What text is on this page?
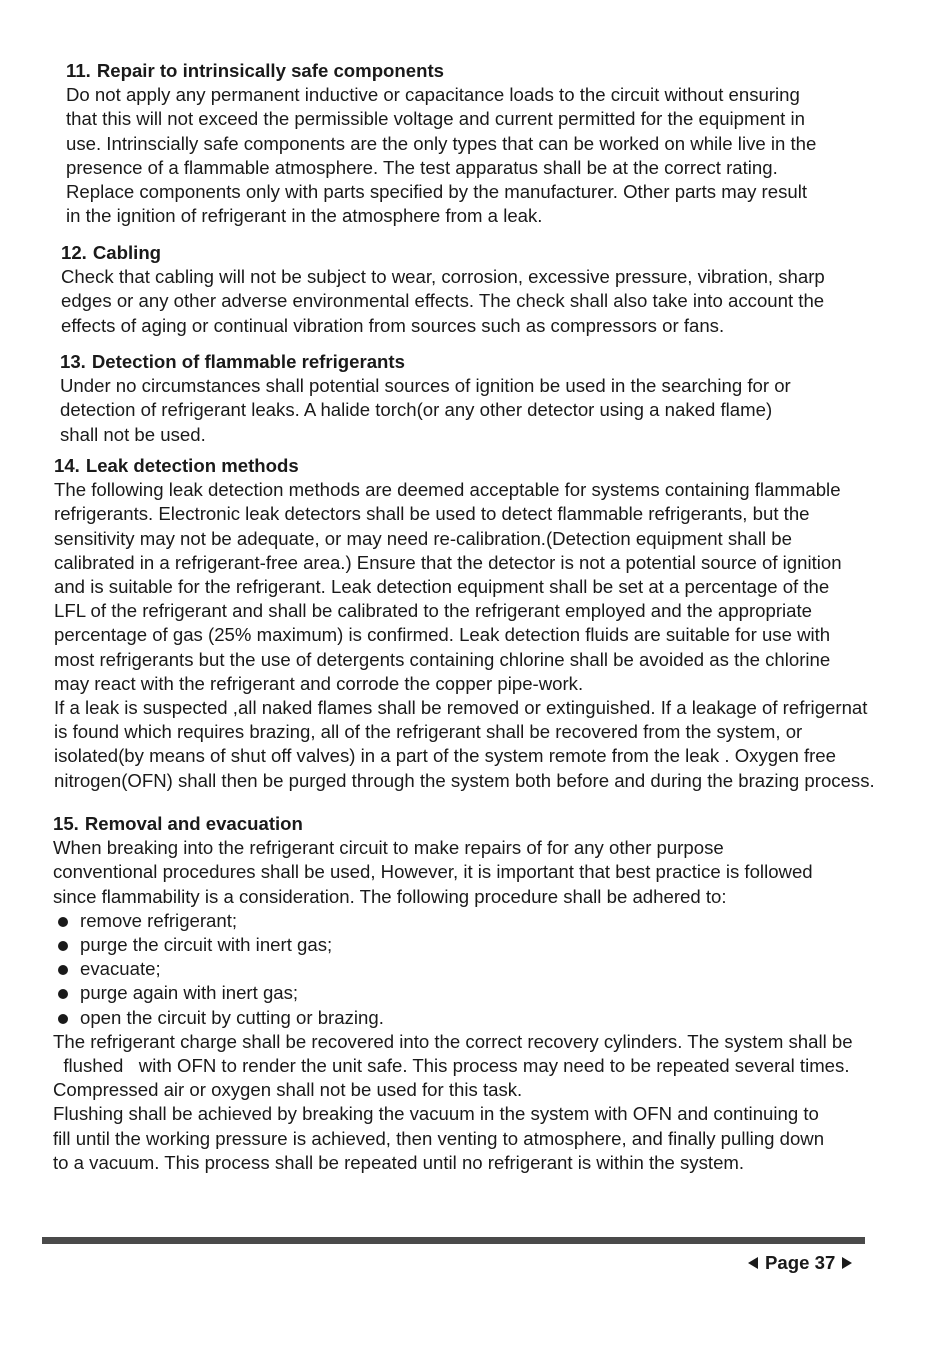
11. Repair to intrinsically safe components
Do not apply any permanent inductive or capacitance loads to the circuit without ensuring
that this will not exceed the permissible voltage and current permitted for the equipment in
use. Intrinscially safe components are the only types that can be worked on while live in the
presence of a flammable atmosphere. The test apparatus shall be at the correct rating.
Replace components only with parts specified by the manufacturer. Other parts may result
in the ignition of refrigerant in the atmosphere from a leak.
12. Cabling
Check that cabling will not be subject to wear, corrosion, excessive pressure, vibration, sharp
edges or any other adverse environmental effects. The check shall also take into account the
effects of aging or continual vibration from sources such as compressors or fans.
13. Detection of flammable refrigerants
Under no circumstances shall potential sources of ignition be used in the searching for or
detection of refrigerant leaks. A halide torch(or any other detector using a naked flame)
shall not be used.
14. Leak detection methods
The following leak detection methods are deemed acceptable for systems containing flammable
refrigerants. Electronic leak detectors shall be used to detect flammable refrigerants, but the
sensitivity may not be adequate, or may need re-calibration.(Detection equipment shall be
calibrated in a refrigerant-free area.) Ensure that the detector is not a potential source of ignition
and is suitable for the refrigerant. Leak detection equipment shall be set at a percentage of the
LFL of the refrigerant and shall be calibrated to the refrigerant employed and the appropriate
percentage of gas (25% maximum) is confirmed. Leak detection fluids are suitable for use with
most refrigerants but the use of detergents containing chlorine shall be avoided as the chlorine
may react with the refrigerant and corrode the copper pipe-work.
If a leak is suspected ,all naked flames shall be removed or extinguished. If a leakage of refrigernat
is found which requires brazing, all of the refrigerant shall be recovered from the system, or
isolated(by means of shut off valves) in a part of the system remote from the leak . Oxygen free
nitrogen(OFN) shall then be purged through the system both before and during the brazing process.
15. Removal and evacuation
When breaking into the refrigerant circuit to make repairs of for any other purpose
conventional procedures shall be used, However, it is important that best practice is followed
since flammability is a consideration. The following procedure shall be adhered to:
remove refrigerant;
purge the circuit with inert gas;
evacuate;
purge again with inert gas;
open the circuit by cutting or brazing.
The refrigerant charge shall be recovered into the correct recovery cylinders. The system shall be
flushed   with OFN to render the unit safe. This process may need to be repeated several times.
Compressed air or oxygen shall not be used for this task.
Flushing shall be achieved by breaking the vacuum in the system with OFN and continuing to
fill until the working pressure is achieved, then venting to atmosphere, and finally pulling down
to a vacuum. This process shall be repeated until no refrigerant is within the system.
Page 37
